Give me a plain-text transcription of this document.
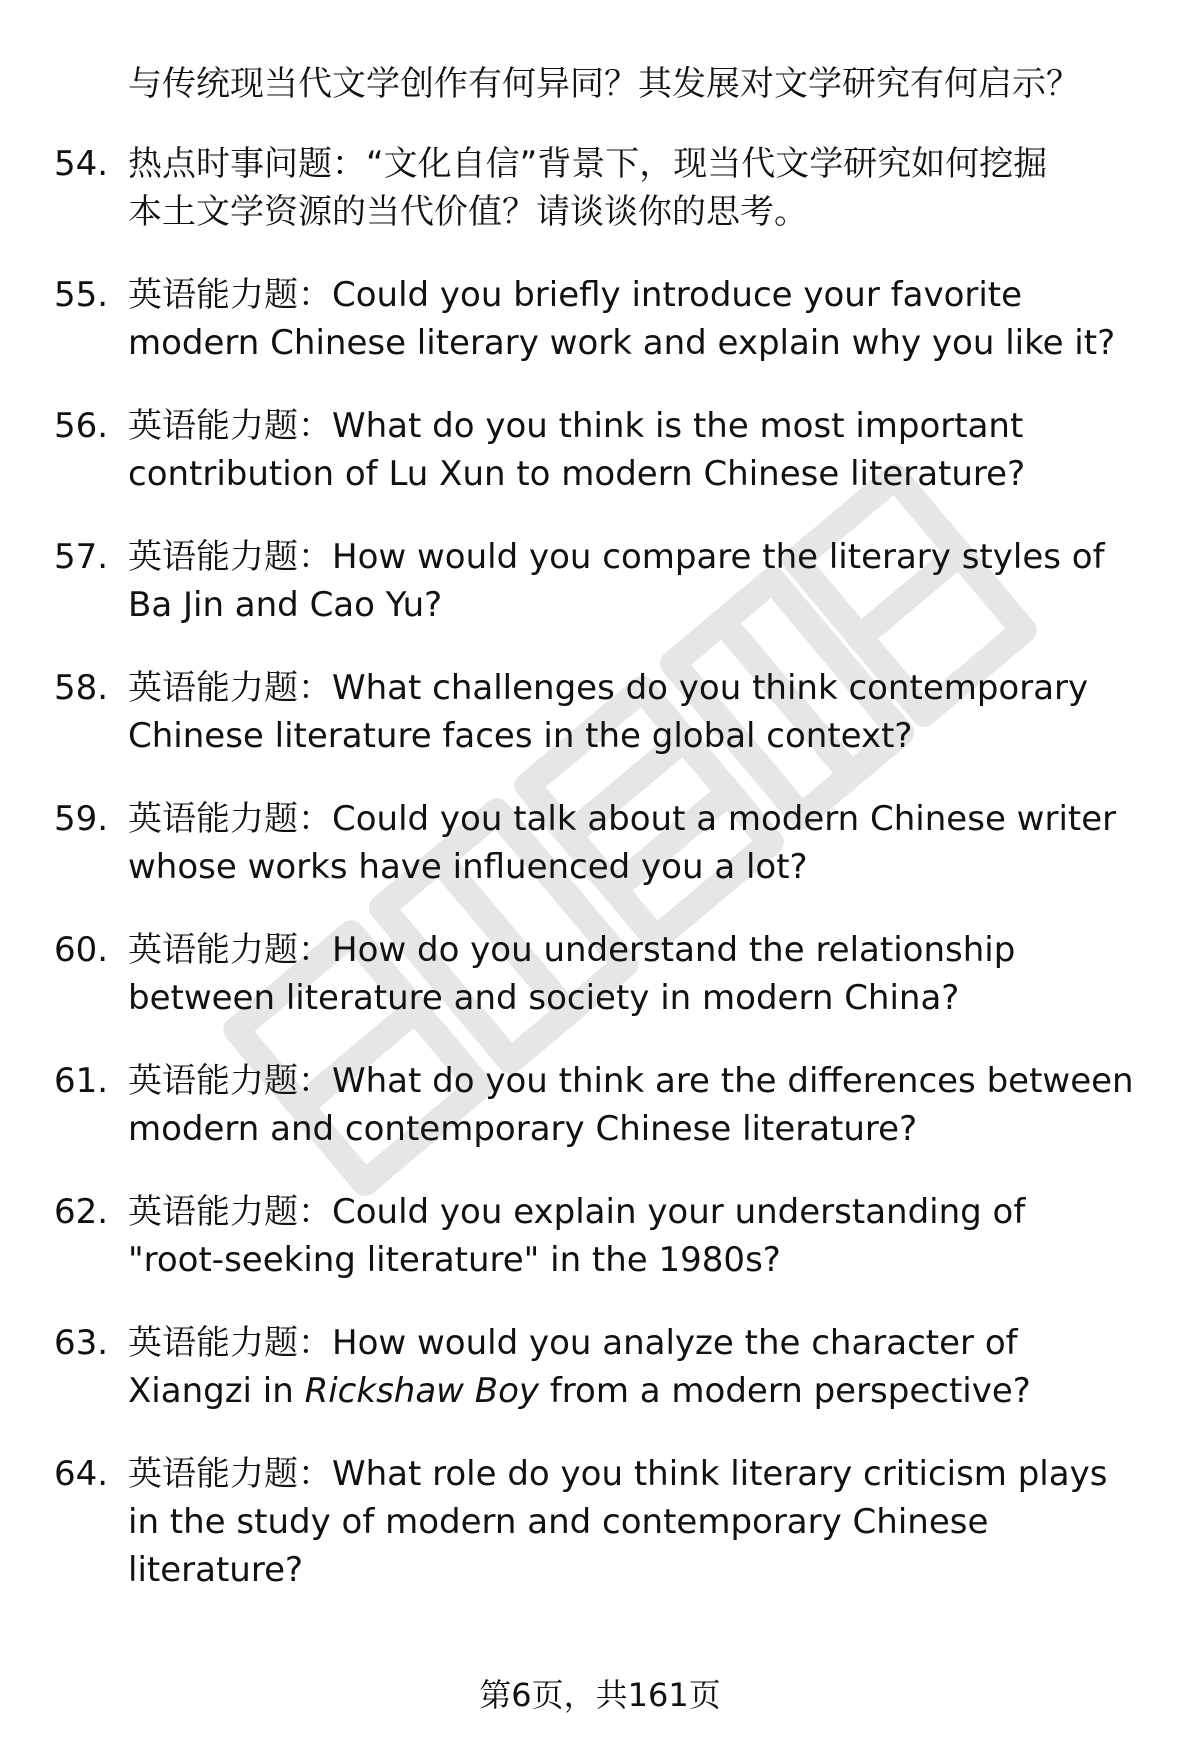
与传统现当代文学创作有何异同？其发展对文学研究有何启示？
54. 热点时事问题：“文化自信”背景下，现当代文学研究如何挖掘
本土文学资源的当代价值？请谈谈你的思考。
55. 英语能力题：Could you briefly introduce your favorite
modern Chinese literary work and explain why you like it?
56. 英语能力题：What do you think is the most important
contribution of Lu Xun to modern Chinese literature?
57. 英语能力题：How would you compare the literary styles of
Ba Jin and Cao Yu?
58. 英语能力题：What challenges do you think contemporary
Chinese literature faces in the global context?
59. 英语能力题：Could you talk about a modern Chinese writer
whose works have influenced you a lot?
60. 英语能力题：How do you understand the relationship
between literature and society in modern China?
61. 英语能力题：What do you think are the differences between
modern and contemporary Chinese literature?
62. 英语能力题：Could you explain your understanding of
"root-seeking literature" in the 1980s?
63. 英语能力题：How would you analyze the character of
Xiangzi in Rickshaw Boy from a modern perspective?
64. 英语能力题：What role do you think literary criticism plays
in the study of modern and contemporary Chinese
literature?
第6页，共161页
